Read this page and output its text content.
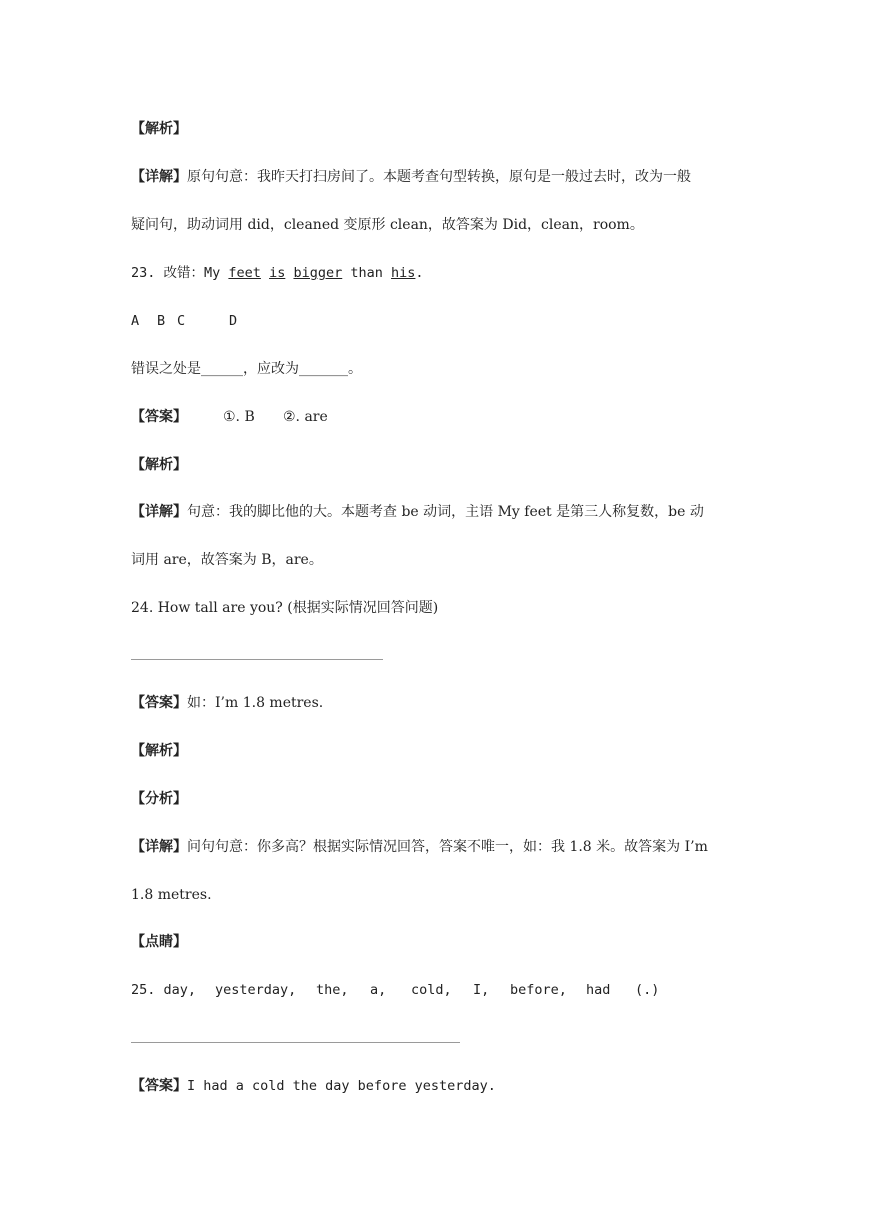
【解析】
【详解】原句句意：我昨天打扫房间了。本题考查句型转换，原句是一般过去时，改为一般
疑问句，助动词用 did，cleaned 变原形 clean，故答案为 Did，clean，room。
23. 改错：My feet is bigger than his.
A B C	D
错误之处是______，应改为_______。
【答案】	①. B ②. are
【解析】
【详解】句意：我的脚比他的大。本题考查 be 动词，主语 My feet 是第三人称复数，be 动
词用 are，故答案为 B，are。
24. How tall are you? (根据实际情况回答问题)
【答案】如：I’m 1.8 metres.
【解析】
【分析】
【详解】问句句意：你多高？根据实际情况回答，答案不唯一，如：我 1.8 米。故答案为 I’m
1.8 metres.
【点睛】
25. day, yesterday, the, a, cold, I, before, had (.)
【答案】I had a cold the day before yesterday.
